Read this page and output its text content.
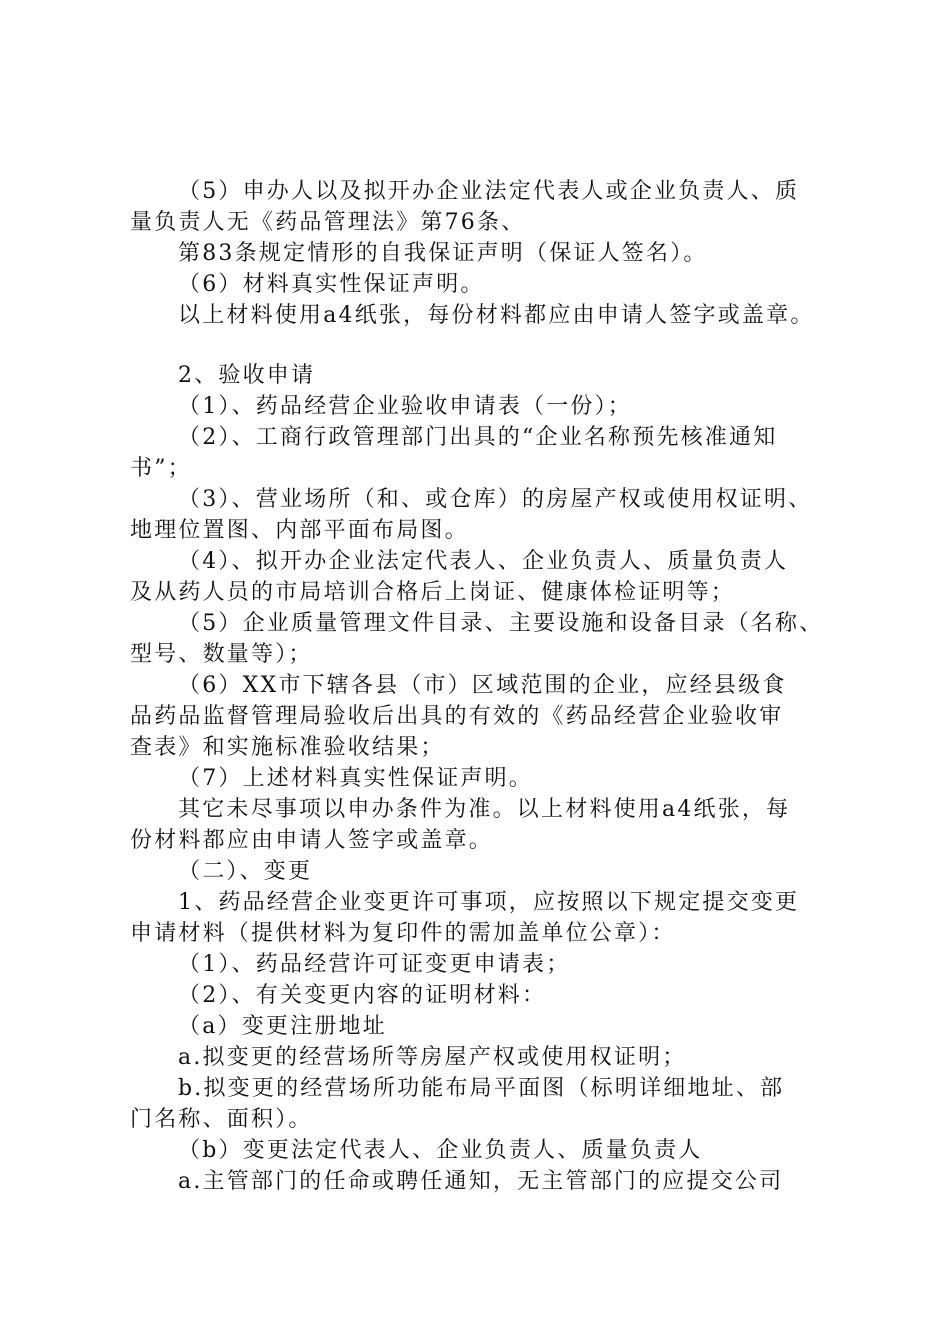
（5）申办人以及拟开办企业法定代表人或企业负责人、质
量负责人无《药品管理法》第76条、
第83条规定情形的自我保证声明（保证人签名）。
（6）材料真实性保证声明。
以上材料使用a4纸张，每份材料都应由申请人签字或盖章。
2、验收申请
（1）、药品经营企业验收申请表（一份）；
（2）、工商行政管理部门出具的“企业名称预先核准通知
书”；
（3）、营业场所（和、或仓库）的房屋产权或使用权证明、
地理位置图、内部平面布局图。
（4）、拟开办企业法定代表人、企业负责人、质量负责人
及从药人员的市局培训合格后上岗证、健康体检证明等；
（5）企业质量管理文件目录、主要设施和设备目录（名称、
型号、数量等）；
（6）XX市下辖各县（市）区域范围的企业，应经县级食
品药品监督管理局验收后出具的有效的《药品经营企业验收审
查表》和实施标准验收结果；
（7）上述材料真实性保证声明。
其它未尽事项以申办条件为准。以上材料使用a4纸张，每
份材料都应由申请人签字或盖章。
（二）、变更
1、药品经营企业变更许可事项，应按照以下规定提交变更
申请材料（提供材料为复印件的需加盖单位公章）：
（1）、药品经营许可证变更申请表；
（2）、有关变更内容的证明材料：
（a）变更注册地址
a.拟变更的经营场所等房屋产权或使用权证明；
b.拟变更的经营场所功能布局平面图（标明详细地址、部
门名称、面积）。
（b）变更法定代表人、企业负责人、质量负责人
a.主管部门的任命或聘任通知，无主管部门的应提交公司
